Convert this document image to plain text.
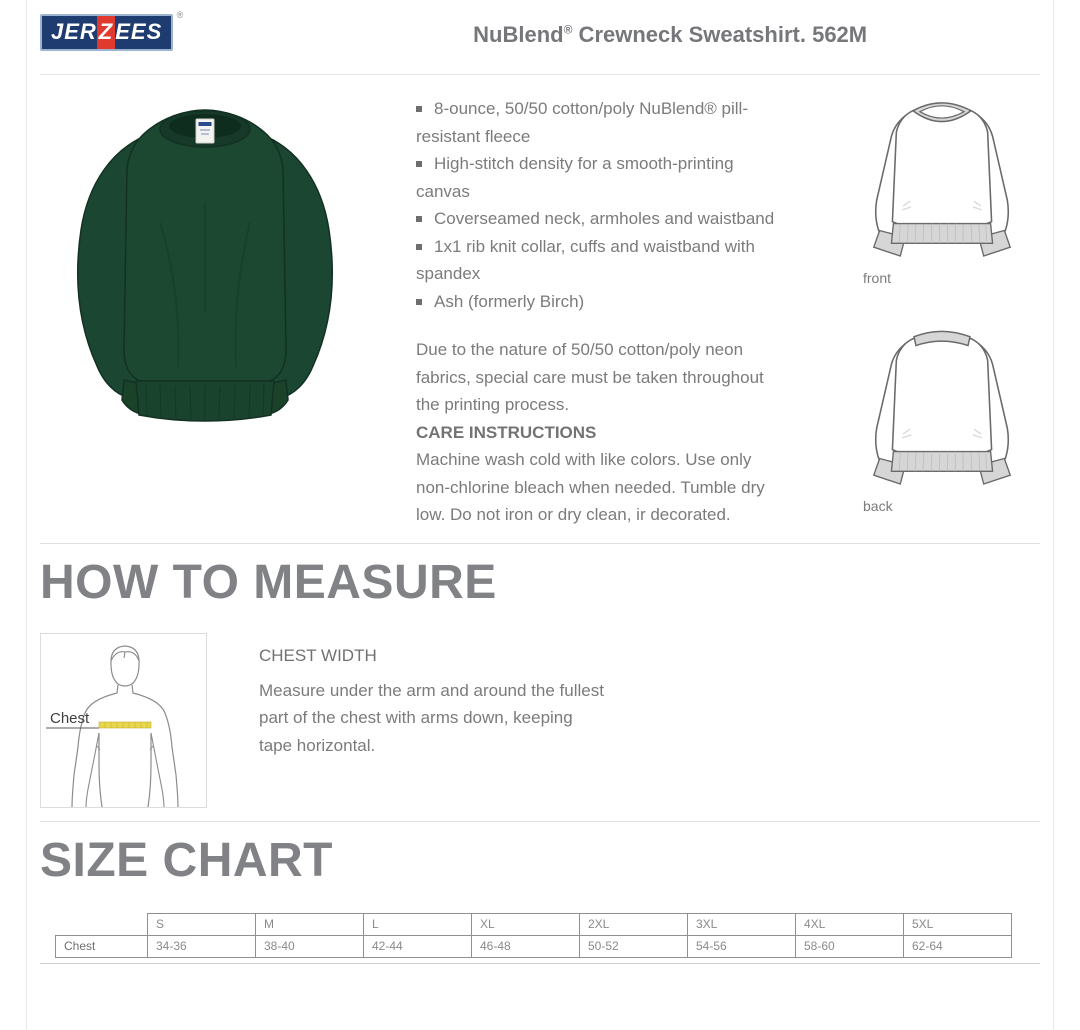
JERZEES
®
NuBlend® Crewneck Sweatshirt. 562M
8-ounce, 50/50 cotton/poly NuBlend® pill-resistant fleece
High-stitch density for a smooth-printing canvas
Coverseamed neck, armholes and waistband
1x1 rib knit collar, cuffs and waistband with spandex
Ash (formerly Birch)

Due to the nature of 50/50 cotton/poly neon fabrics, special care must be taken throughout the printing process.

CARE INSTRUCTIONS

Machine wash cold with like colors. Use only non-chlorine bleach when needed. Tumble dry low. Do not iron or dry clean, ir decorated.

front
back
HOW TO MEASURE
Chest
CHEST WIDTH
Measure under the arm and around the fullest part of the chest with arms down, keeping tape horizontal.
SIZE CHART
	S	M	L	XL	2XL	3XL	4XL	5XL
Chest	34-36	38-40	42-44	46-48	50-52	54-56	58-60	62-64
